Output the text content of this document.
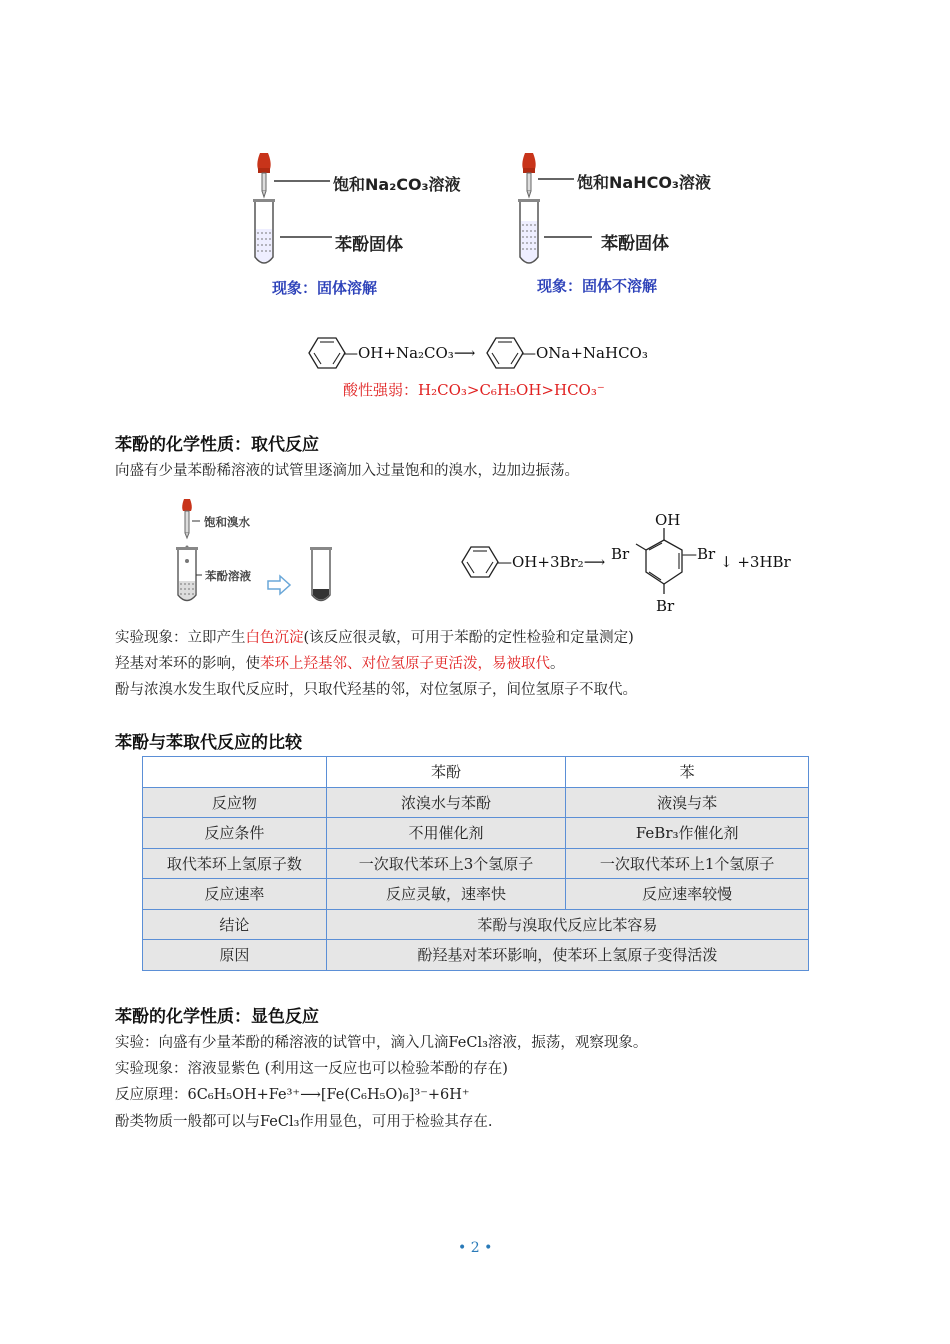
饱和Na₂CO₃溶液
苯酚固体
现象：固体溶解
饱和NaHCO₃溶液
苯酚固体
现象：固体不溶解
—OH+Na₂CO₃⟶	—ONa+NaHCO₃
酸性强弱：H₂CO₃>C₆H₅OH>HCO₃⁻
苯酚的化学性质：取代反应
向盛有少量苯酚稀溶液的试管里逐滴加入过量饱和的溴水，边加边振荡。
饱和溴水
苯酚溶液
—OH+3Br₂⟶
OH
Br	—Br
Br
↓ +3HBr
实验现象：立即产生白色沉淀(该反应很灵敏，可用于苯酚的定性检验和定量测定)
羟基对苯环的影响，使苯环上羟基邻、对位氢原子更活泼，易被取代。
酚与浓溴水发生取代反应时，只取代羟基的邻，对位氢原子，间位氢原子不取代。
苯酚与苯取代反应的比较
	苯酚	苯
反应物	浓溴水与苯酚	液溴与苯
反应条件	不用催化剂	FeBr₃作催化剂
取代苯环上氢原子数	一次取代苯环上3个氢原子	一次取代苯环上1个氢原子
反应速率	反应灵敏，速率快	反应速率较慢
结论	苯酚与溴取代反应比苯容易	
原因	酚羟基对苯环影响，使苯环上氢原子变得活泼	
苯酚的化学性质：显色反应
实验：向盛有少量苯酚的稀溶液的试管中，滴入几滴FeCl₃溶液，振荡，观察现象。
实验现象：溶液显紫色 (利用这一反应也可以检验苯酚的存在)
反应原理：6C₆H₅OH+Fe³⁺⟶[Fe(C₆H₅O)₆]³⁻+6H⁺
酚类物质一般都可以与FeCl₃作用显色，可用于检验其存在.
• 2 •
